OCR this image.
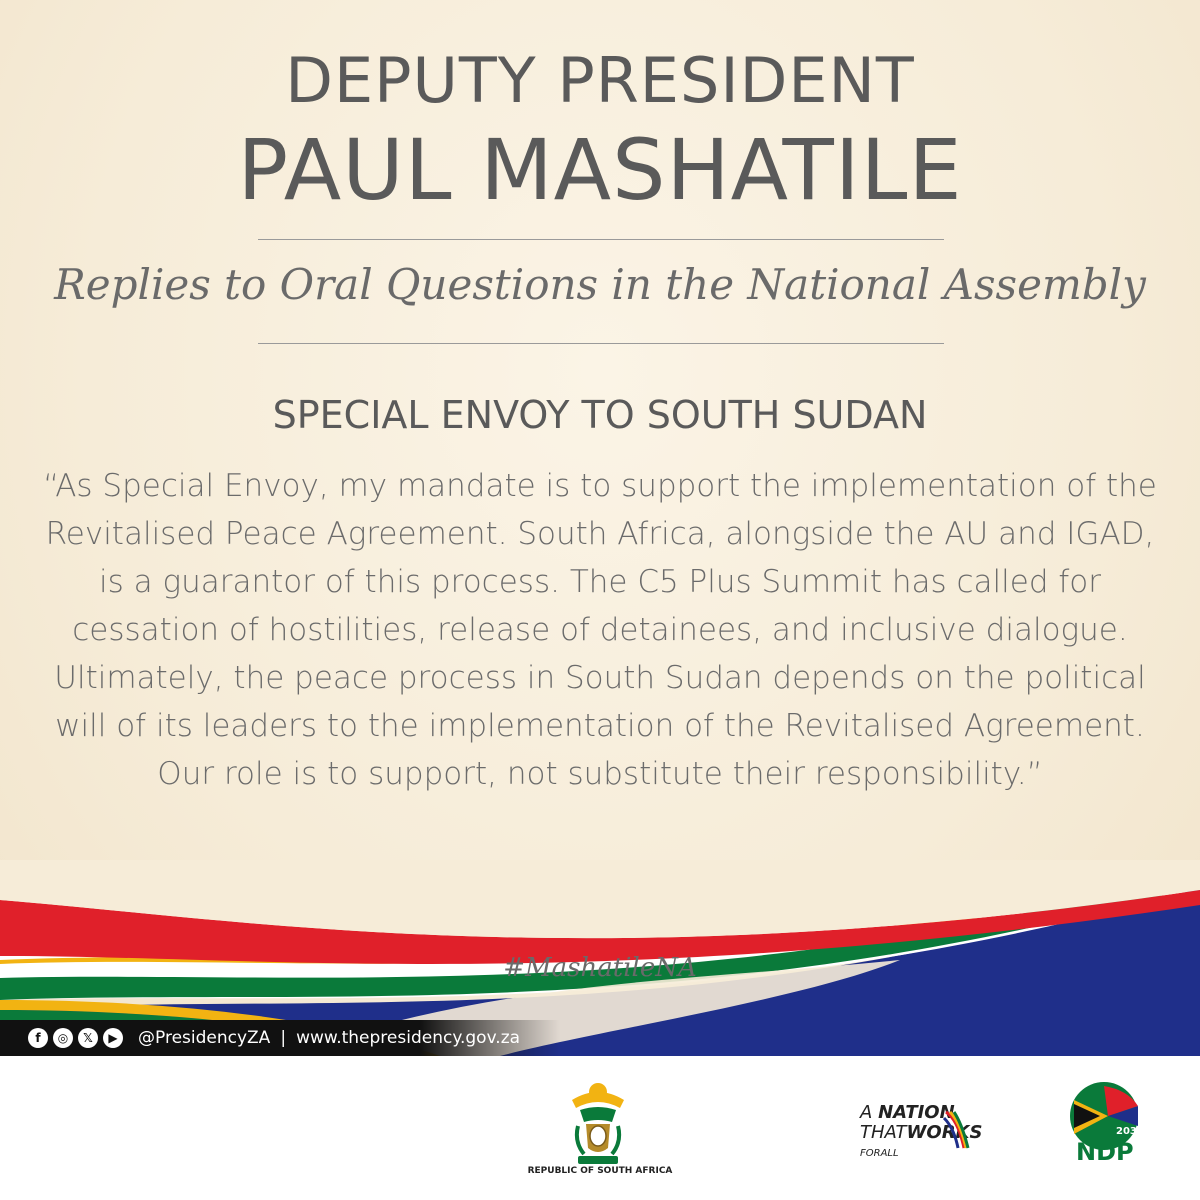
DEPUTY PRESIDENT
PAUL MASHATILE
Replies to Oral Questions in the National Assembly
SPECIAL ENVOY TO SOUTH SUDAN
“As Special Envoy, my mandate is to support the implementation of the Revitalised Peace Agreement. South Africa, alongside the AU and IGAD, is a guarantor of this process. The C5 Plus Summit has called for cessation of hostilities, release of detainees, and inclusive dialogue. Ultimately, the peace process in South Sudan depends on the political will of its leaders to the implementation of the Revitalised Agreement. Our role is to support, not substitute their responsibility.”
#MashatileNA
f	◎	𝕏	▶	@PresidencyZA | www.thepresidency.gov.za
REPUBLIC OF SOUTH AFRICA
A NATION
THATWORKS FORALL
2030
NDP
